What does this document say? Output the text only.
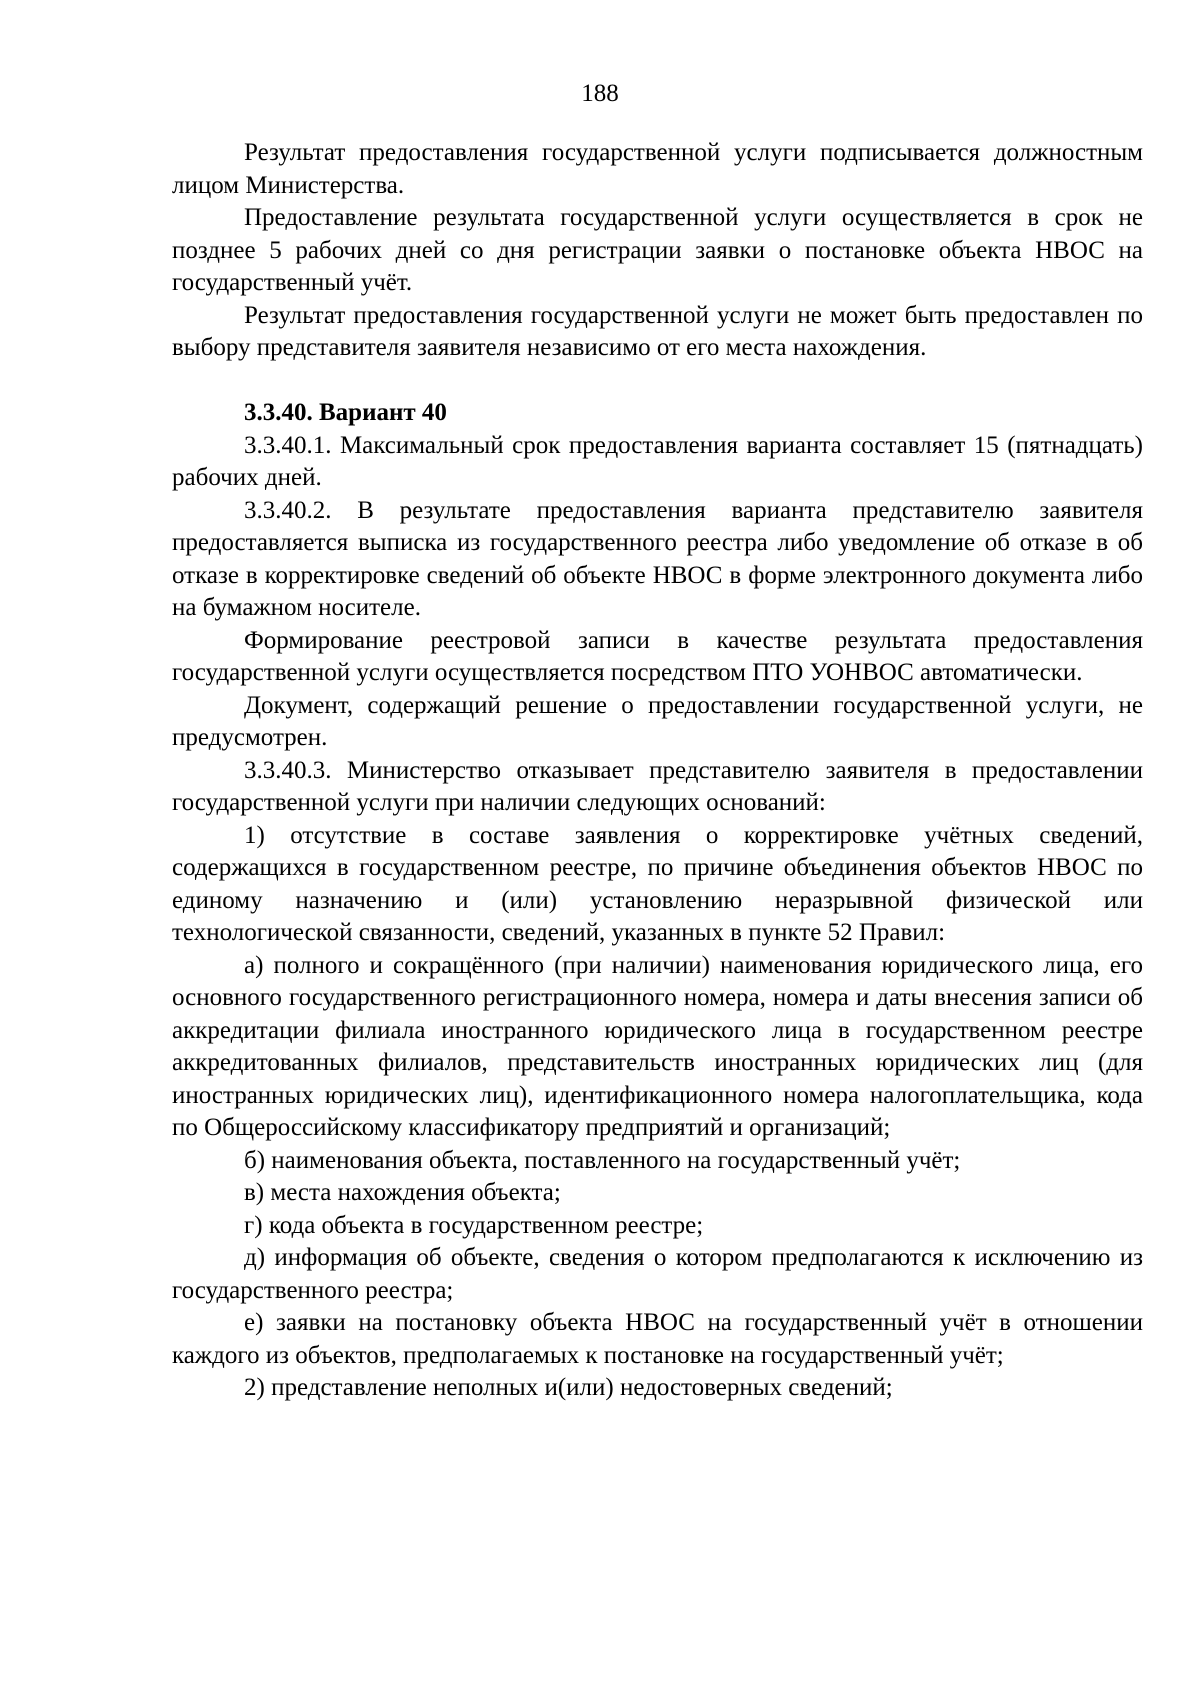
188

Результат предоставления государственной услуги подписывается должностным лицом Министерства.

Предоставление результата государственной услуги осуществляется в срок не позднее 5 рабочих дней со дня регистрации заявки о постановке объекта НВОС на государственный учёт.

Результат предоставления государственной услуги не может быть предоставлен по выбору представителя заявителя независимо от его места нахождения.

3.3.40. Вариант 40

3.3.40.1. Максимальный срок предоставления варианта составляет 15 (пятнадцать) рабочих дней.

3.3.40.2. В результате предоставления варианта представителю заявителя предоставляется выписка из государственного реестра либо уведомление об отказе в об отказе в корректировке сведений об объекте НВОС в форме электронного документа либо на бумажном носителе.

Формирование реестровой записи в качестве результата предоставления государственной услуги осуществляется посредством ПТО УОНВОС автоматически.

Документ, содержащий решение о предоставлении государственной услуги, не предусмотрен.

3.3.40.3. Министерство отказывает представителю заявителя в предоставлении государственной услуги при наличии следующих оснований:

1) отсутствие в составе заявления о корректировке учётных сведений, содержащихся в государственном реестре, по причине объединения объектов НВОС по единому назначению и (или) установлению неразрывной физической или технологической связанности, сведений, указанных в пункте 52 Правил:

а) полного и сокращённого (при наличии) наименования юридического лица, его основного государственного регистрационного номера, номера и даты внесения записи об аккредитации филиала иностранного юридического лица в государственном реестре аккредитованных филиалов, представительств иностранных юридических лиц (для иностранных юридических лиц), идентификационного номера налогоплательщика, кода по Общероссийскому классификатору предприятий и организаций;

б) наименования объекта, поставленного на государственный учёт;

в) места нахождения объекта;

г) кода объекта в государственном реестре;

д) информация об объекте, сведения о котором предполагаются к исключению из государственного реестра;

е) заявки на постановку объекта НВОС на государственный учёт в отношении каждого из объектов, предполагаемых к постановке на государственный учёт;

2) представление неполных и(или) недостоверных сведений;
